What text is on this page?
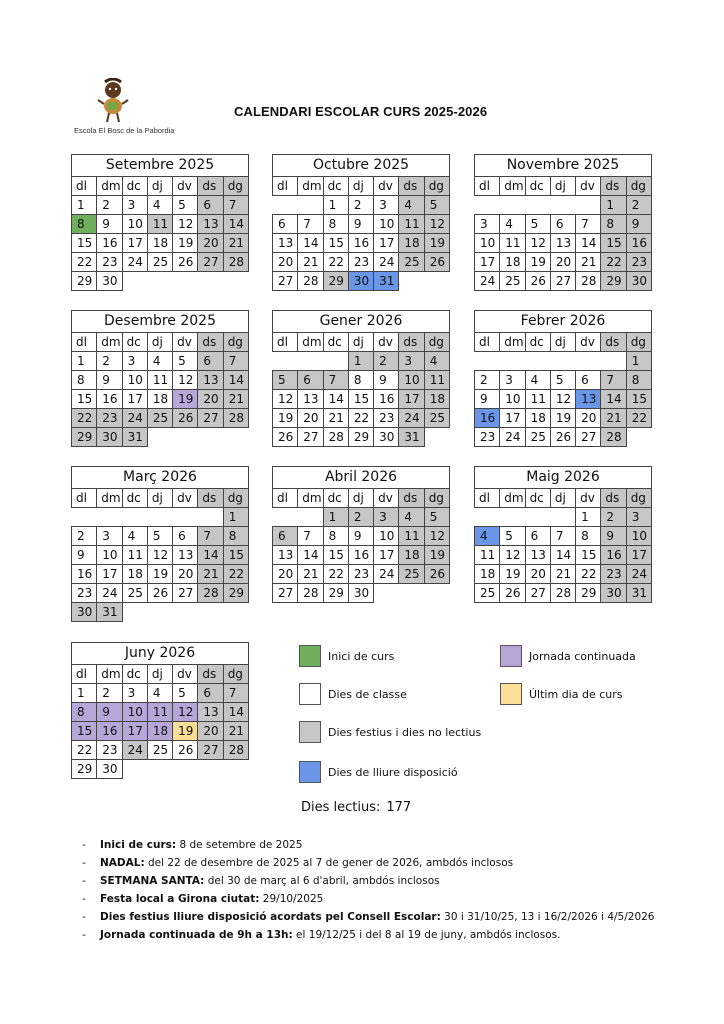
Escola El Bosc de la Pabordia
CALENDARI ESCOLAR CURS 2025-2026
Setembre 2025
dl	dm	dc	dj	dv	ds	dg
1	2	3	4	5	6	7
8	9	10	11	12	13	14
15	16	17	18	19	20	21
22	23	24	25	26	27	28
29	30					
Octubre 2025
dl	dm	dc	dj	dv	ds	dg
		1	2	3	4	5
6	7	8	9	10	11	12
13	14	15	16	17	18	19
20	21	22	23	24	25	26
27	28	29	30	31		
Novembre 2025
dl	dm	dc	dj	dv	ds	dg
					1	2
3	4	5	6	7	8	9
10	11	12	13	14	15	16
17	18	19	20	21	22	23
24	25	26	27	28	29	30
Desembre 2025
dl	dm	dc	dj	dv	ds	dg
1	2	3	4	5	6	7
8	9	10	11	12	13	14
15	16	17	18	19	20	21
22	23	24	25	26	27	28
29	30	31				
Gener 2026
dl	dm	dc	dj	dv	ds	dg
			1	2	3	4
5	6	7	8	9	10	11
12	13	14	15	16	17	18
19	20	21	22	23	24	25
26	27	28	29	30	31	
Febrer 2026
dl	dm	dc	dj	dv	ds	dg
						1
2	3	4	5	6	7	8
9	10	11	12	13	14	15
16	17	18	19	20	21	22
23	24	25	26	27	28	
Març 2026
dl	dm	dc	dj	dv	ds	dg
						1
2	3	4	5	6	7	8
9	10	11	12	13	14	15
16	17	18	19	20	21	22
23	24	25	26	27	28	29
30	31					
Abril 2026
dl	dm	dc	dj	dv	ds	dg
		1	2	3	4	5
6	7	8	9	10	11	12
13	14	15	16	17	18	19
20	21	22	23	24	25	26
27	28	29	30			
Maig 2026
dl	dm	dc	dj	dv	ds	dg
				1	2	3
4	5	6	7	8	9	10
11	12	13	14	15	16	17
18	19	20	21	22	23	24
25	26	27	28	29	30	31
Juny 2026
dl	dm	dc	dj	dv	ds	dg
1	2	3	4	5	6	7
8	9	10	11	12	13	14
15	16	17	18	19	20	21
22	23	24	25	26	27	28
29	30					
Inici de curs	Jornada continuada
Dies de classe	Últim dia de curs
Dies festius i dies no lectius
Dies de lliure disposició
Dies lectius: 177
- Inici de curs: 8 de setembre de 2025
- NADAL: del 22 de desembre de 2025 al 7 de gener de 2026, ambdós inclosos
- SETMANA SANTA: del 30 de març al 6 d'abril, ambdós inclosos
- Festa local a Girona ciutat: 29/10/2025
- Dies festius lliure disposició acordats pel Consell Escolar: 30 i 31/10/25, 13 i 16/2/2026 i 4/5/2026
- Jornada continuada de 9h a 13h: el 19/12/25 i del 8 al 19 de juny, ambdós inclosos.
